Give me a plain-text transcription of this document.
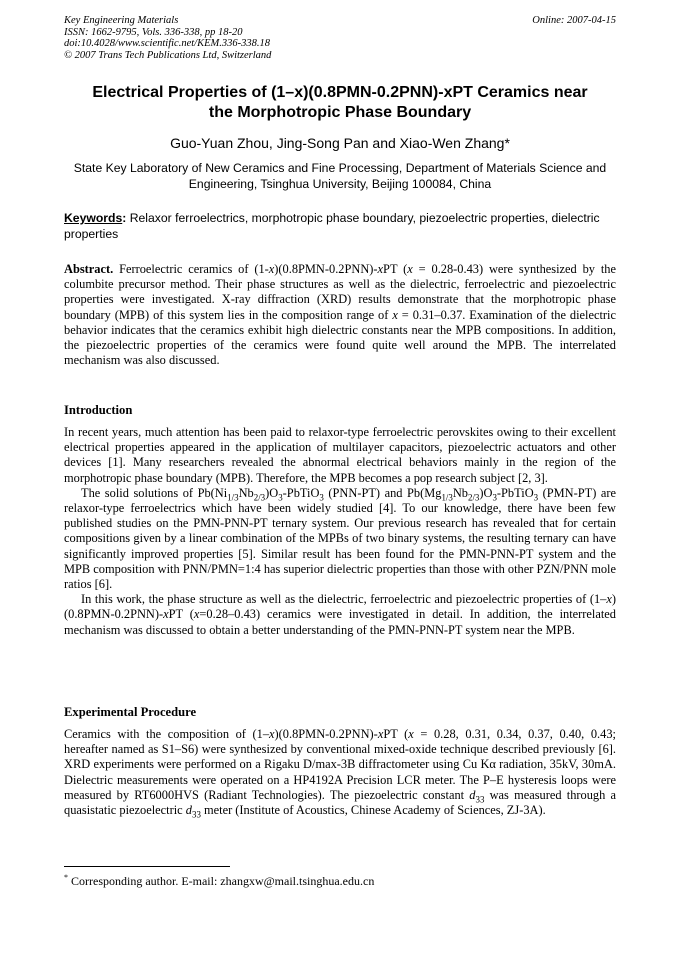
Key Engineering Materials
ISSN: 1662-9795, Vols. 336-338, pp 18-20
doi:10.4028/www.scientific.net/KEM.336-338.18
© 2007 Trans Tech Publications Ltd, Switzerland
Online: 2007-04-15
Electrical Properties of (1–x)(0.8PMN-0.2PNN)-xPT Ceramics near
the Morphotropic Phase Boundary
Guo-Yuan Zhou, Jing-Song Pan and Xiao-Wen Zhang*
State Key Laboratory of New Ceramics and Fine Processing, Department of Materials Science and Engineering, Tsinghua University, Beijing 100084, China
Keywords: Relaxor ferroelectrics, morphotropic phase boundary, piezoelectric properties, dielectric properties
Abstract. Ferroelectric ceramics of (1-x)(0.8PMN-0.2PNN)-xPT (x = 0.28-0.43) were synthesized by the columbite precursor method. Their phase structures as well as the dielectric, ferroelectric and piezoelectric properties were investigated. X-ray diffraction (XRD) results demonstrate that the morphotropic phase boundary (MPB) of this system lies in the composition range of x = 0.31–0.37. Examination of the dielectric behavior indicates that the ceramics exhibit high dielectric constants near the MPB compositions. In addition, the piezoelectric properties of the ceramics were found quite well around the MPB. The interrelated mechanism was also discussed.
Introduction

In recent years, much attention has been paid to relaxor-type ferroelectric perovskites owing to their excellent electrical properties appeared in the application of multilayer capacitors, piezoelectric actuators and other devices [1]. Many researchers revealed the abnormal electrical behaviors mainly in the region of the morphotropic phase boundary (MPB). Therefore, the MPB becomes a pop research subject [2, 3].

The solid solutions of $Pb(Ni_{1/3}Nb_{2/3})O_3-PbTiO_3$ (PNN-PT) and $Pb(Mg_{1/3}Nb_{2/3})O_3-PbTiO_3$ (PMN-PT) are relaxor-type ferroelectrics which have been widely studied [4]. To our knowledge, there have been few published studies on the PMN-PNN-PT ternary system. Our previous research has revealed that for certain compositions given by a linear combination of the MPBs of two binary systems, the resulting ternary can have significantly improved properties [5]. Similar result has been found for the PMN-PNN-PT system and the MPB composition with PNN/PMN=1:4 has superior dielectric properties than those with other PZN/PNN mole ratios [6].

In this work, the phase structure as well as the dielectric, ferroelectric and piezoelectric properties of (1–x)(0.8PMN-0.2PNN)-xPT (x=0.28–0.43) ceramics were investigated in detail. In addition, the interrelated mechanism was discussed to obtain a better understanding of the PMN-PNN-PT system near the MPB.

Experimental Procedure
Ceramics with the composition of (1–x)(0.8PMN-0.2PNN)-xPT (x = 0.28, 0.31, 0.34, 0.37, 0.40, 0.43; hereafter named as S1–S6) were synthesized by conventional mixed-oxide technique described previously [6]. XRD experiments were performed on a Rigaku D/max-3B diffractometer using Cu Kα radiation, 35kV, 30mA. Dielectric measurements were operated on a HP4192A Precision LCR meter. The P–E hysteresis loops were measured by RT6000HVS (Radiant Technologies). The piezoelectric constant $d_{33}$ was measured through a quasistatic piezoelectric $d_{33}$ meter (Institute of Acoustics, Chinese Academy of Sciences, ZJ-3A).
* Corresponding author. E-mail: zhangxw@mail.tsinghua.edu.cn
